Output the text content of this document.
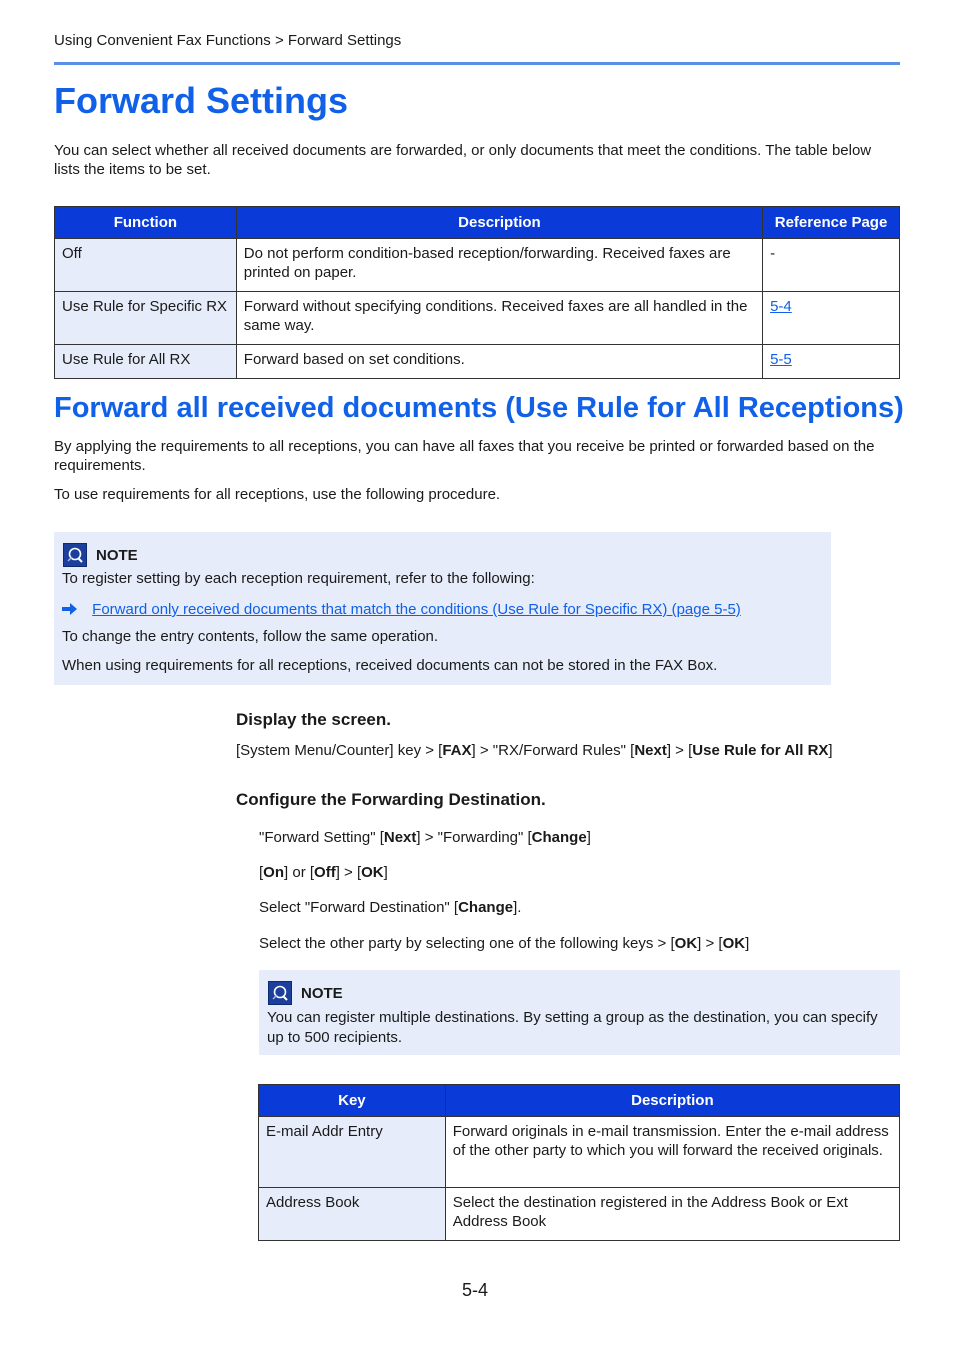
Using Convenient Fax Functions > Forward Settings
Forward Settings
You can select whether all received documents are forwarded, or only documents that meet the conditions. The table below lists the items to be set.
Function	Description	Reference Page
Off	Do not perform condition-based reception/forwarding. Received faxes are printed on paper.	-
Use Rule for Specific RX	Forward without specifying conditions. Received faxes are all handled in the same way.	5-4
Use Rule for All RX	Forward based on set conditions.	5-5
Forward all received documents (Use Rule for All Receptions)
By applying the requirements to all receptions, you can have all faxes that you receive be printed or forwarded based on the requirements.
To use requirements for all receptions, use the following procedure.
NOTE
To register setting by each reception requirement, refer to the following:
Forward only received documents that match the conditions (Use Rule for Specific RX) (page 5-5)
To change the entry contents, follow the same operation.
When using requirements for all receptions, received documents can not be stored in the FAX Box.
Display the screen.
[System Menu/Counter] key > [FAX] > "RX/Forward Rules" [Next] > [Use Rule for All RX]
Configure the Forwarding Destination.
"Forward Setting" [Next] > "Forwarding" [Change]
[On] or [Off] > [OK]
Select "Forward Destination" [Change].
Select the other party by selecting one of the following keys > [OK] > [OK]
NOTE
You can register multiple destinations. By setting a group as the destination, you can specify up to 500 recipients.
Key	Description
E-mail Addr Entry	Forward originals in e-mail transmission. Enter the e-mail address of the other party to which you will forward the received originals.
Address Book	Select the destination registered in the Address Book or Ext Address Book
5-4
